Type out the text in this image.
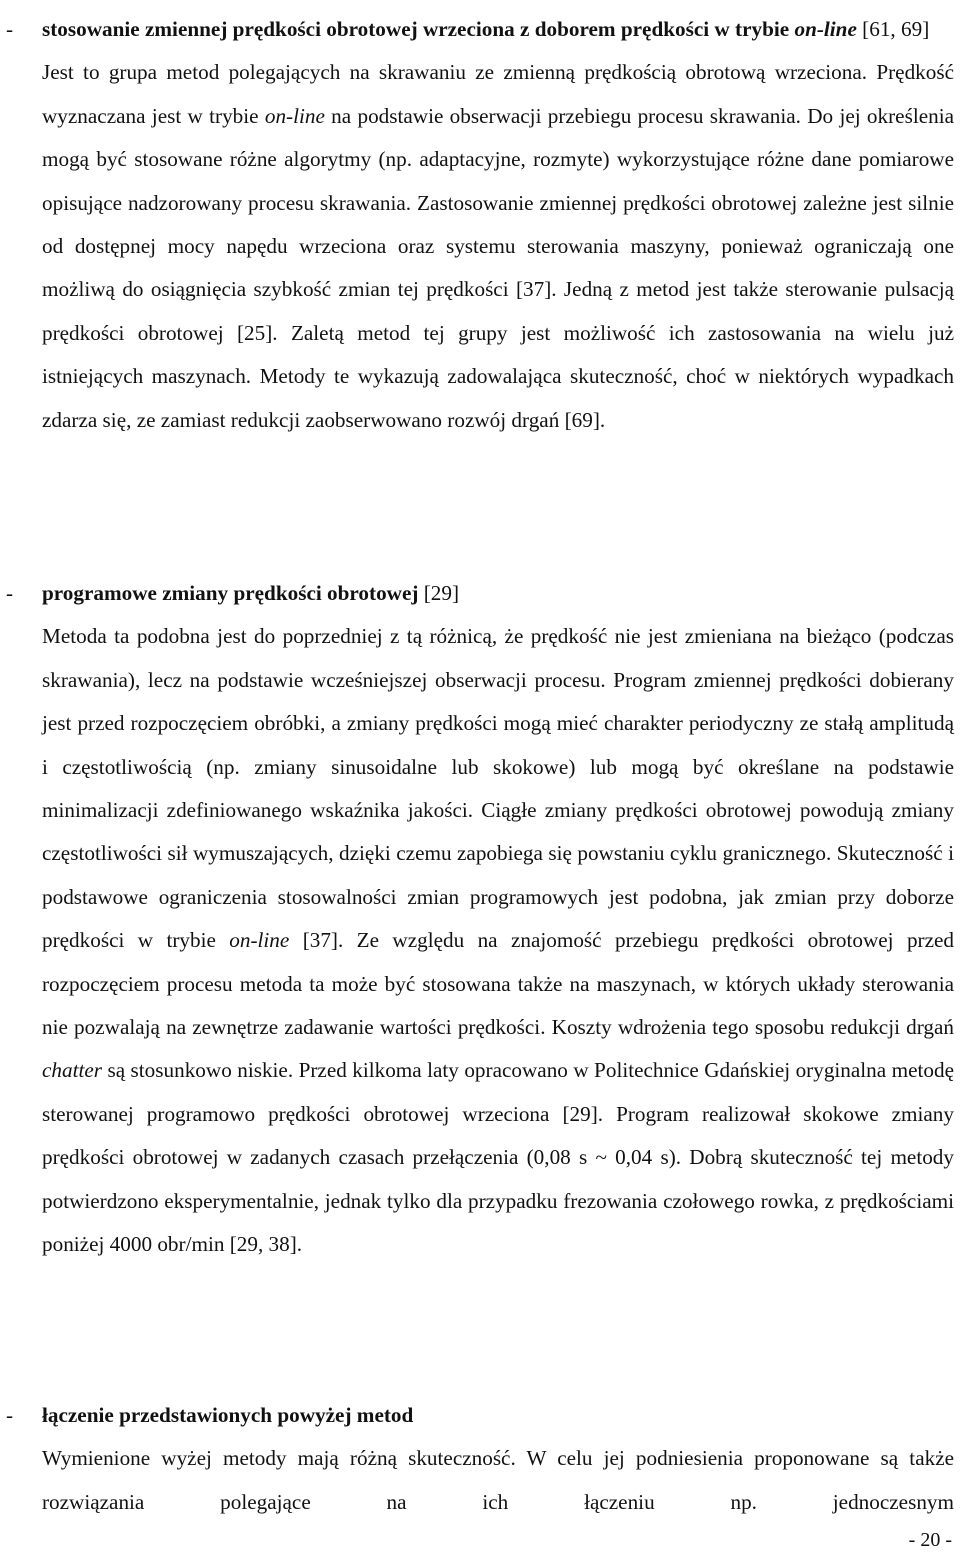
- stosowanie zmiennej prędkości obrotowej wrzeciona z doborem prędkości w trybie on-line [61, 69]
Jest to grupa metod polegających na skrawaniu ze zmienną prędkością obrotową wrzeciona. Prędkość wyznaczana jest w trybie on-line na podstawie obserwacji przebiegu procesu skrawania. Do jej określenia mogą być stosowane różne algorytmy (np. adaptacyjne, rozmyte) wykorzystujące różne dane pomiarowe opisujące nadzorowany procesu skrawania. Zastosowanie zmiennej prędkości obrotowej zależne jest silnie od dostępnej mocy napędu wrzeciona oraz systemu sterowania maszyny, ponieważ ograniczają one możliwą do osiągnięcia szybkość zmian tej prędkości [37]. Jedną z metod jest także sterowanie pulsacją prędkości obrotowej [25]. Zaletą metod tej grupy jest możliwość ich zastosowania na wielu już istniejących maszynach. Metody te wykazują zadowalająca skuteczność, choć w niektórych wypadkach zdarza się, ze zamiast redukcji zaobserwowano rozwój drgań [69].
- programowe zmiany prędkości obrotowej [29]
Metoda ta podobna jest do poprzedniej z tą różnicą, że prędkość nie jest zmieniana na bieżąco (podczas skrawania), lecz na podstawie wcześniejszej obserwacji procesu. Program zmiennej prędkości dobierany jest przed rozpoczęciem obróbki, a zmiany prędkości mogą mieć charakter periodyczny ze stałą amplitudą i częstotliwością (np. zmiany sinusoidalne lub skokowe) lub mogą być określane na podstawie minimalizacji zdefiniowanego wskaźnika jakości. Ciągłe zmiany prędkości obrotowej powodują zmiany częstotliwości sił wymuszających, dzięki czemu zapobiega się powstaniu cyklu granicznego. Skuteczność i podstawowe ograniczenia stosowalności zmian programowych jest podobna, jak zmian przy doborze prędkości w trybie on-line [37]. Ze względu na znajomość przebiegu prędkości obrotowej przed rozpoczęciem procesu metoda ta może być stosowana także na maszynach, w których układy sterowania nie pozwalają na zewnętrze zadawanie wartości prędkości. Koszty wdrożenia tego sposobu redukcji drgań chatter są stosunkowo niskie. Przed kilkoma laty opracowano w Politechnice Gdańskiej oryginalna metodę sterowanej programowo prędkości obrotowej wrzeciona [29]. Program realizował skokowe zmiany prędkości obrotowej w zadanych czasach przełączenia (0,08 s ~ 0,04 s). Dobrą skuteczność tej metody potwierdzono eksperymentalnie, jednak tylko dla przypadku frezowania czołowego rowka, z prędkościami poniżej 4000 obr/min [29, 38].
- łączenie przedstawionych powyżej metod
Wymienione wyżej metody mają różną skuteczność. W celu jej podniesienia proponowane są także rozwiązania polegające na ich łączeniu np. jednoczesnym
- 20 -
